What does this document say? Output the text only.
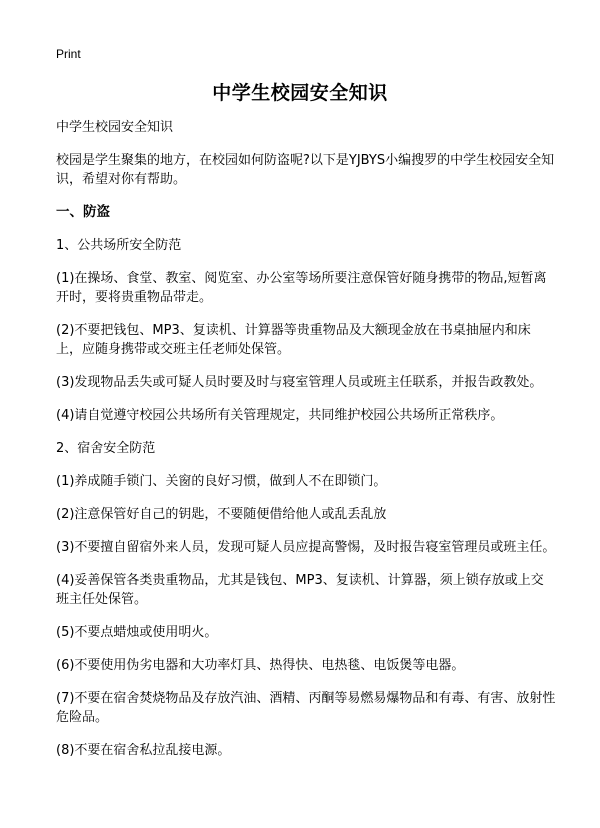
Print
中学生校园安全知识

中学生校园安全知识

校园是学生聚集的地方，在校园如何防盗呢?以下是YJBYS小编搜罗的中学生校园安全知识，希望对你有帮助。

一、防盗

1、公共场所安全防范

(1)在操场、食堂、教室、阅览室、办公室等场所要注意保管好随身携带的物品,短暂离开时，要将贵重物品带走。

(2)不要把钱包、MP3、复读机、计算器等贵重物品及大额现金放在书桌抽屉内和床上，应随身携带或交班主任老师处保管。

(3)发现物品丢失或可疑人员时要及时与寝室管理人员或班主任联系，并报告政教处。

(4)请自觉遵守校园公共场所有关管理规定，共同维护校园公共场所正常秩序。

2、宿舍安全防范

(1)养成随手锁门、关窗的良好习惯，做到人不在即锁门。

(2)注意保管好自己的钥匙，不要随便借给他人或乱丢乱放

(3)不要擅自留宿外来人员，发现可疑人员应提高警惕，及时报告寝室管理员或班主任。

(4)妥善保管各类贵重物品，尤其是钱包、MP3、复读机、计算器，须上锁存放或上交班主任处保管。

(5)不要点蜡烛或使用明火。

(6)不要使用伪劣电器和大功率灯具、热得快、电热毯、电饭煲等电器。

(7)不要在宿舍焚烧物品及存放汽油、酒精、丙酮等易燃易爆物品和有毒、有害、放射性危险品。

(8)不要在宿舍私拉乱接电源。
